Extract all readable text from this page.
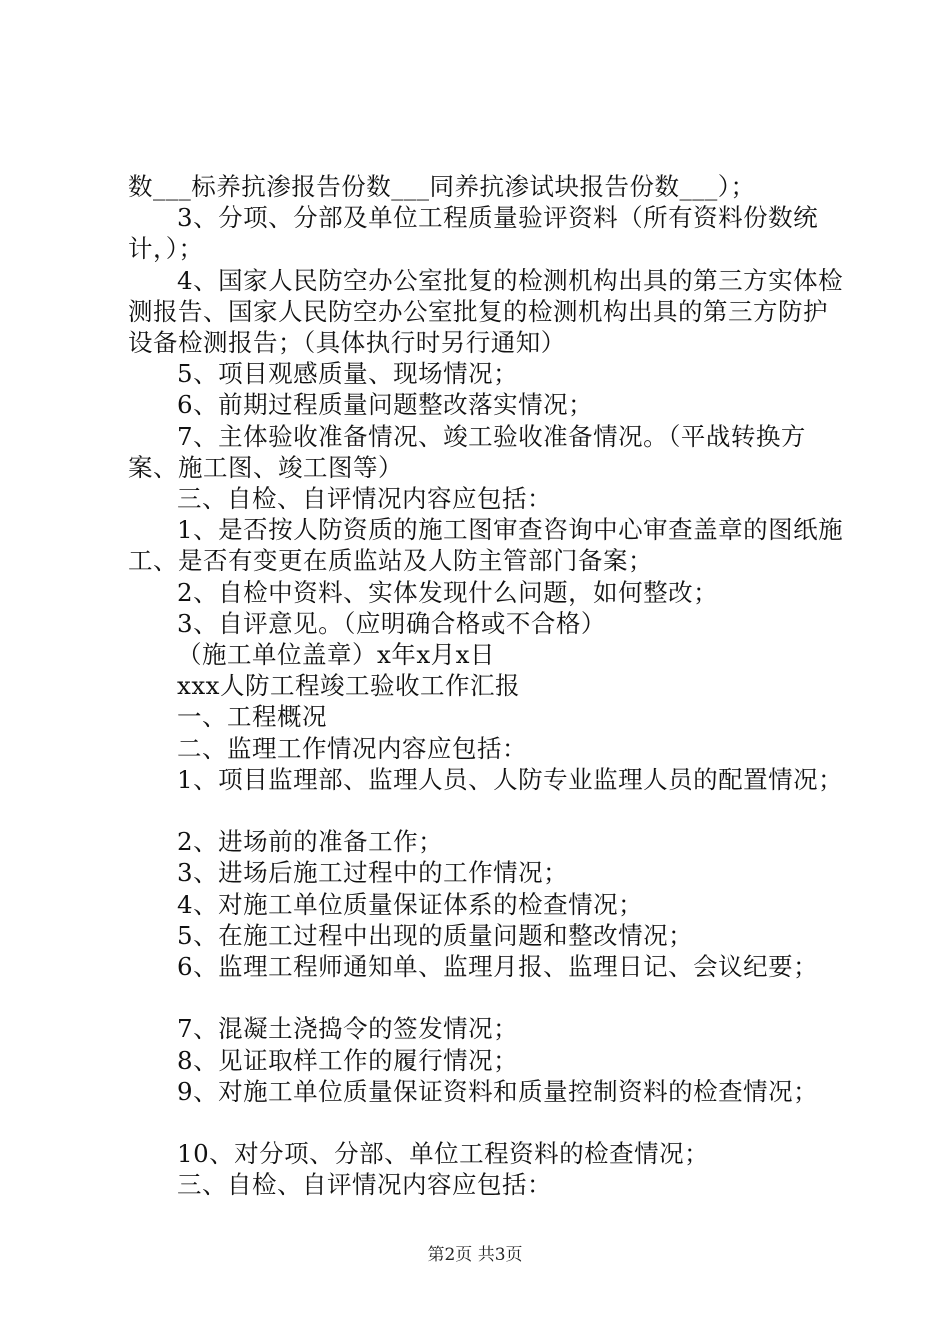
数___标养抗渗报告份数___同养抗渗试块报告份数___）；

3、分项、分部及单位工程质量验评资料（所有资料份数统计，）；

4、国家人民防空办公室批复的检测机构出具的第三方实体检测报告、国家人民防空办公室批复的检测机构出具的第三方防护设备检测报告；（具体执行时另行通知）

5、项目观感质量、现场情况；

6、前期过程质量问题整改落实情况；

7、主体验收准备情况、竣工验收准备情况。（平战转换方案、施工图、竣工图等）

三、自检、自评情况内容应包括：

1、是否按人防资质的施工图审查咨询中心审查盖章的图纸施工、是否有变更在质监站及人防主管部门备案；

2、自检中资料、实体发现什么问题，如何整改；

3、自评意见。（应明确合格或不合格）

（施工单位盖章）x年x月x日

xxx人防工程竣工验收工作汇报

一、工程概况

二、监理工作情况内容应包括：

1、项目监理部、监理人员、人防专业监理人员的配置情况；

2、进场前的准备工作；

3、进场后施工过程中的工作情况；

4、对施工单位质量保证体系的检查情况；

5、在施工过程中出现的质量问题和整改情况；

6、监理工程师通知单、监理月报、监理日记、会议纪要；

7、混凝土浇捣令的签发情况；

8、见证取样工作的履行情况；

9、对施工单位质量保证资料和质量控制资料的检查情况；

10、对分项、分部、单位工程资料的检查情况；

三、自检、自评情况内容应包括：

第2页 共3页
